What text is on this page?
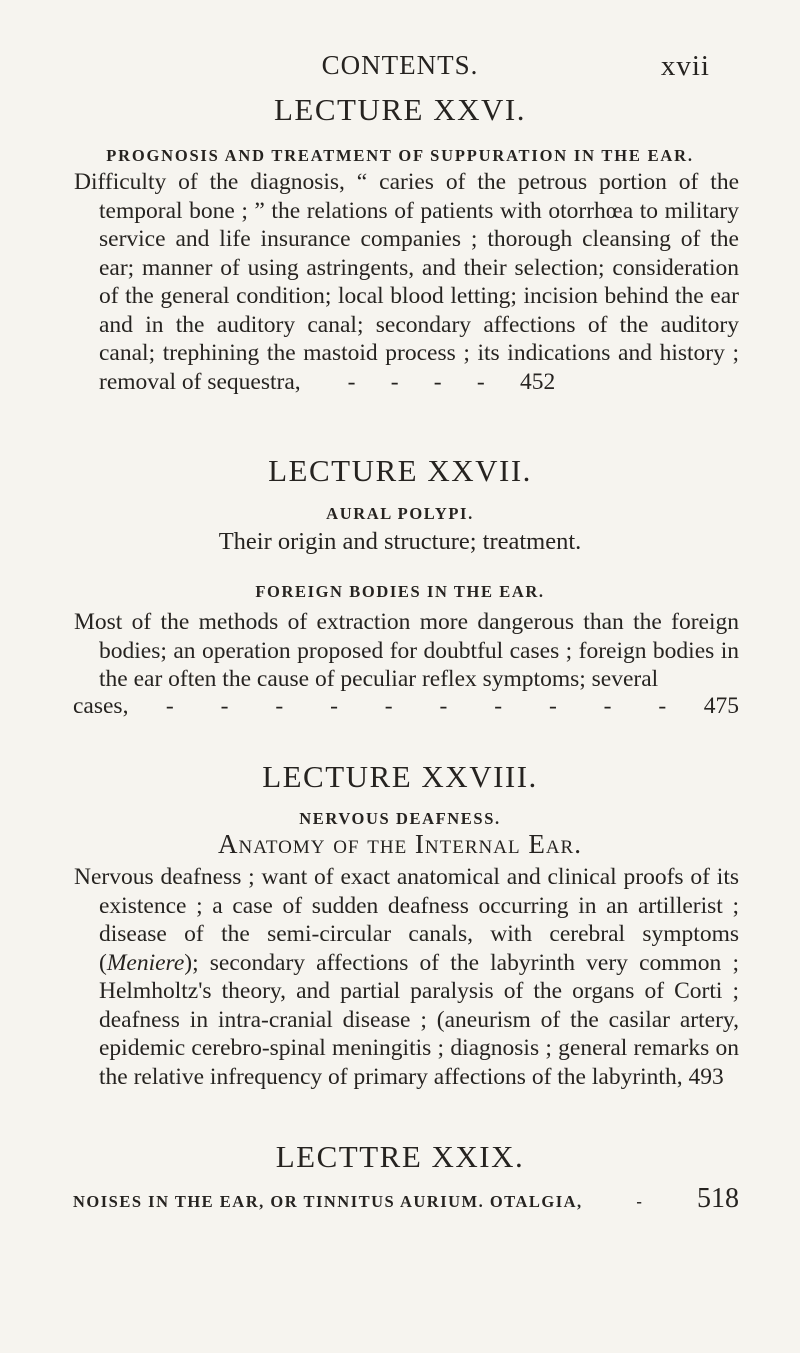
CONTENTS.	xvii
LECTURE XXVI.
PROGNOSIS AND TREATMENT OF SUPPURATION IN THE EAR.
Difficulty of the diagnosis, “ caries of the petrous portion of the temporal bone ; ” the relations of patients with otorrhœa to military service and life insurance companies ; thorough cleansing of the ear; manner of using astringents, and their selection; consideration of the general condition; local blood letting; incision behind the ear and in the auditory canal; secondary affections of the auditory canal; trephining the mastoid process ; its indications and history ; removal of sequestra,        -      -      -      -      452
LECTURE XXVII.
AURAL POLYPI.
Their origin and structure; treatment.
FOREIGN BODIES IN THE EAR.
Most of the methods of extraction more dangerous than the foreign bodies; an operation proposed for doubtful cases ; foreign bodies in the ear often the cause of peculiar reflex symptoms; several
cases, - - - - - - - - - - 475
LECTURE XXVIII.
NERVOUS DEAFNESS.
Anatomy of the Internal Ear.
Nervous deafness ; want of exact anatomical and clinical proofs of its existence ; a case of sudden deafness occurring in an artillerist ; disease of the semi-circular canals, with cerebral symptoms (Meniere); secondary affections of the labyrinth very common ; Helmholtz's theory, and partial paralysis of the organs of Corti ; deafness in intra-cranial disease ; (aneurism of the casilar artery, epidemic cerebro-spinal meningitis ; diagnosis ; general remarks on the relative infrequency of primary affections of the labyrinth, 493
LECTTRE XXIX.
NOISES IN THE EAR, OR TINNITUS AURIUM. OTALGIA,	- 518
